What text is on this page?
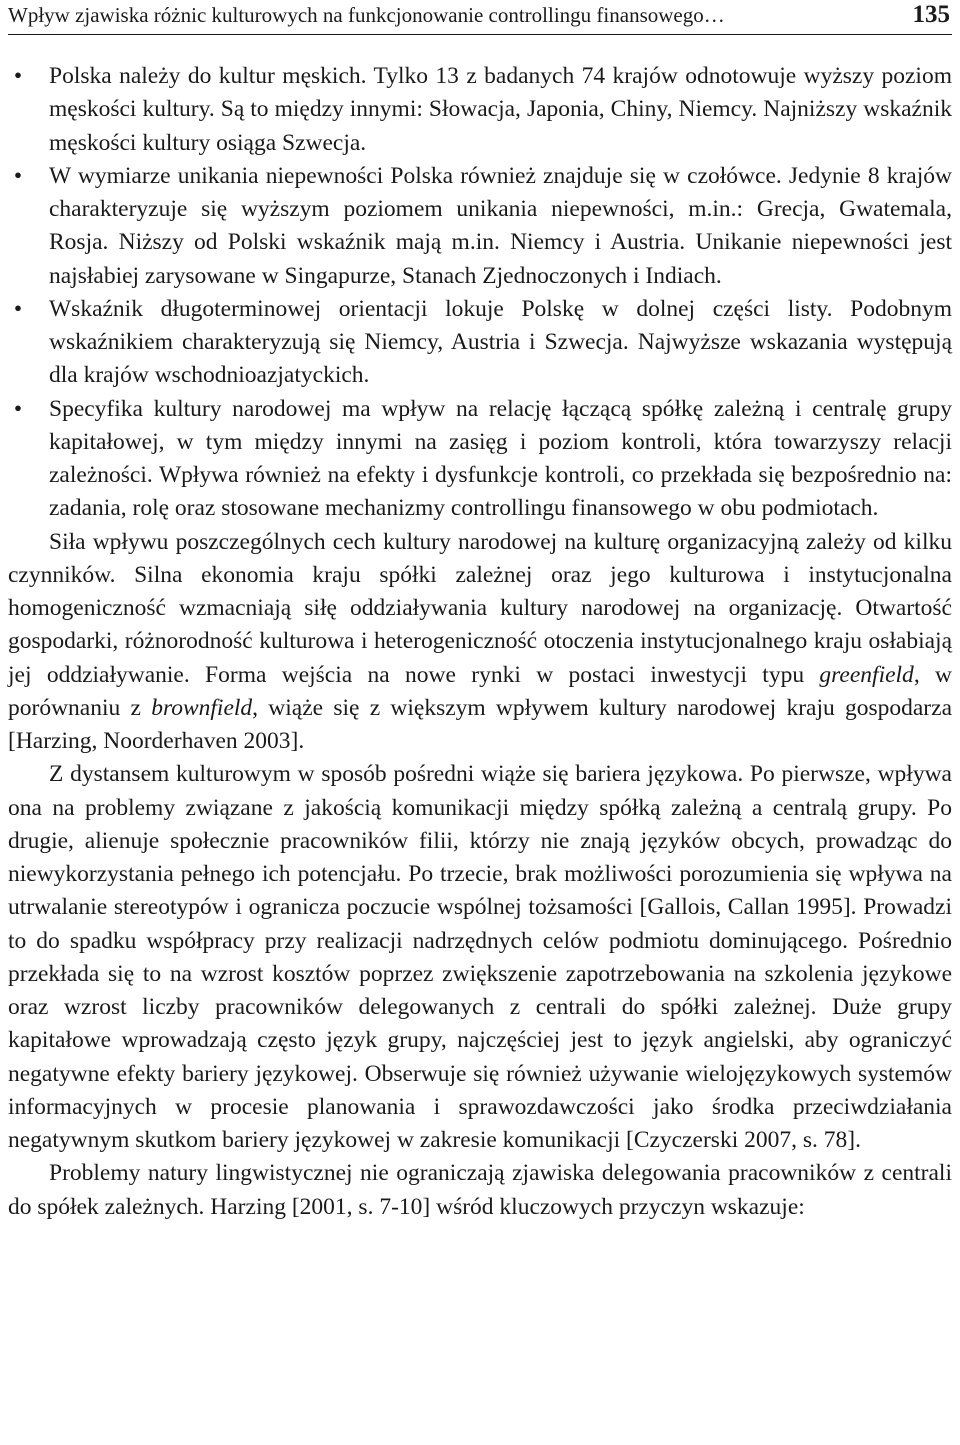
Wpływ zjawiska różnic kulturowych na funkcjonowanie controllingu finansowego…	135
• Polska należy do kultur męskich. Tylko 13 z badanych 74 krajów odnotowuje wyższy poziom męskości kultury. Są to między innymi: Słowacja, Japonia, Chiny, Niemcy. Najniższy wskaźnik męskości kultury osiąga Szwecja.
• W wymiarze unikania niepewności Polska również znajduje się w czołówce. Jedynie 8 krajów charakteryzuje się wyższym poziomem unikania niepewności, m.in.: Grecja, Gwatemala, Rosja. Niższy od Polski wskaźnik mają m.in. Niemcy i Austria. Unikanie niepewności jest najsłabiej zarysowane w Singapurze, Stanach Zjednoczonych i Indiach.
• Wskaźnik długoterminowej orientacji lokuje Polskę w dolnej części listy. Podobnym wskaźnikiem charakteryzują się Niemcy, Austria i Szwecja. Najwyższe wskazania występują dla krajów wschodnioazjatyckich.
• Specyfika kultury narodowej ma wpływ na relację łączącą spółkę zależną i centralę grupy kapitałowej, w tym między innymi na zasięg i poziom kontroli, która towarzyszy relacji zależności. Wpływa również na efekty i dysfunkcje kontroli, co przekłada się bezpośrednio na: zadania, rolę oraz stosowane mechanizmy controllingu finansowego w obu podmiotach.

Siła wpływu poszczególnych cech kultury narodowej na kulturę organizacyjną zależy od kilku czynników. Silna ekonomia kraju spółki zależnej oraz jego kulturowa i instytucjonalna homogeniczność wzmacniają siłę oddziaływania kultury narodowej na organizację. Otwartość gospodarki, różnorodność kulturowa i heterogeniczność otoczenia instytucjonalnego kraju osłabiają jej oddziaływanie. Forma wejścia na nowe rynki w postaci inwestycji typu greenfield, w porównaniu z brownfield, wiąże się z większym wpływem kultury narodowej kraju gospodarza [Harzing, Noorderhaven 2003].

Z dystansem kulturowym w sposób pośredni wiąże się bariera językowa. Po pierwsze, wpływa ona na problemy związane z jakością komunikacji między spółką zależną a centralą grupy. Po drugie, alienuje społecznie pracowników filii, którzy nie znają języków obcych, prowadząc do niewykorzystania pełnego ich potencjału. Po trzecie, brak możliwości porozumienia się wpływa na utrwalanie stereotypów i ogranicza poczucie wspólnej tożsamości [Gallois, Callan 1995]. Prowadzi to do spadku współpracy przy realizacji nadrzędnych celów podmiotu dominującego. Pośrednio przekłada się to na wzrost kosztów poprzez zwiększenie zapotrzebowania na szkolenia językowe oraz wzrost liczby pracowników delegowanych z centrali do spółki zależnej. Duże grupy kapitałowe wprowadzają często język grupy, najczęściej jest to język angielski, aby ograniczyć negatywne efekty bariery językowej. Obserwuje się również używanie wielojęzykowych systemów informacyjnych w procesie planowania i sprawozdawczości jako środka przeciwdziałania negatywnym skutkom bariery językowej w zakresie komunikacji [Czyczerski 2007, s. 78].

Problemy natury lingwistycznej nie ograniczają zjawiska delegowania pracowników z centrali do spółek zależnych. Harzing [2001, s. 7-10] wśród kluczowych przyczyn wskazuje:
